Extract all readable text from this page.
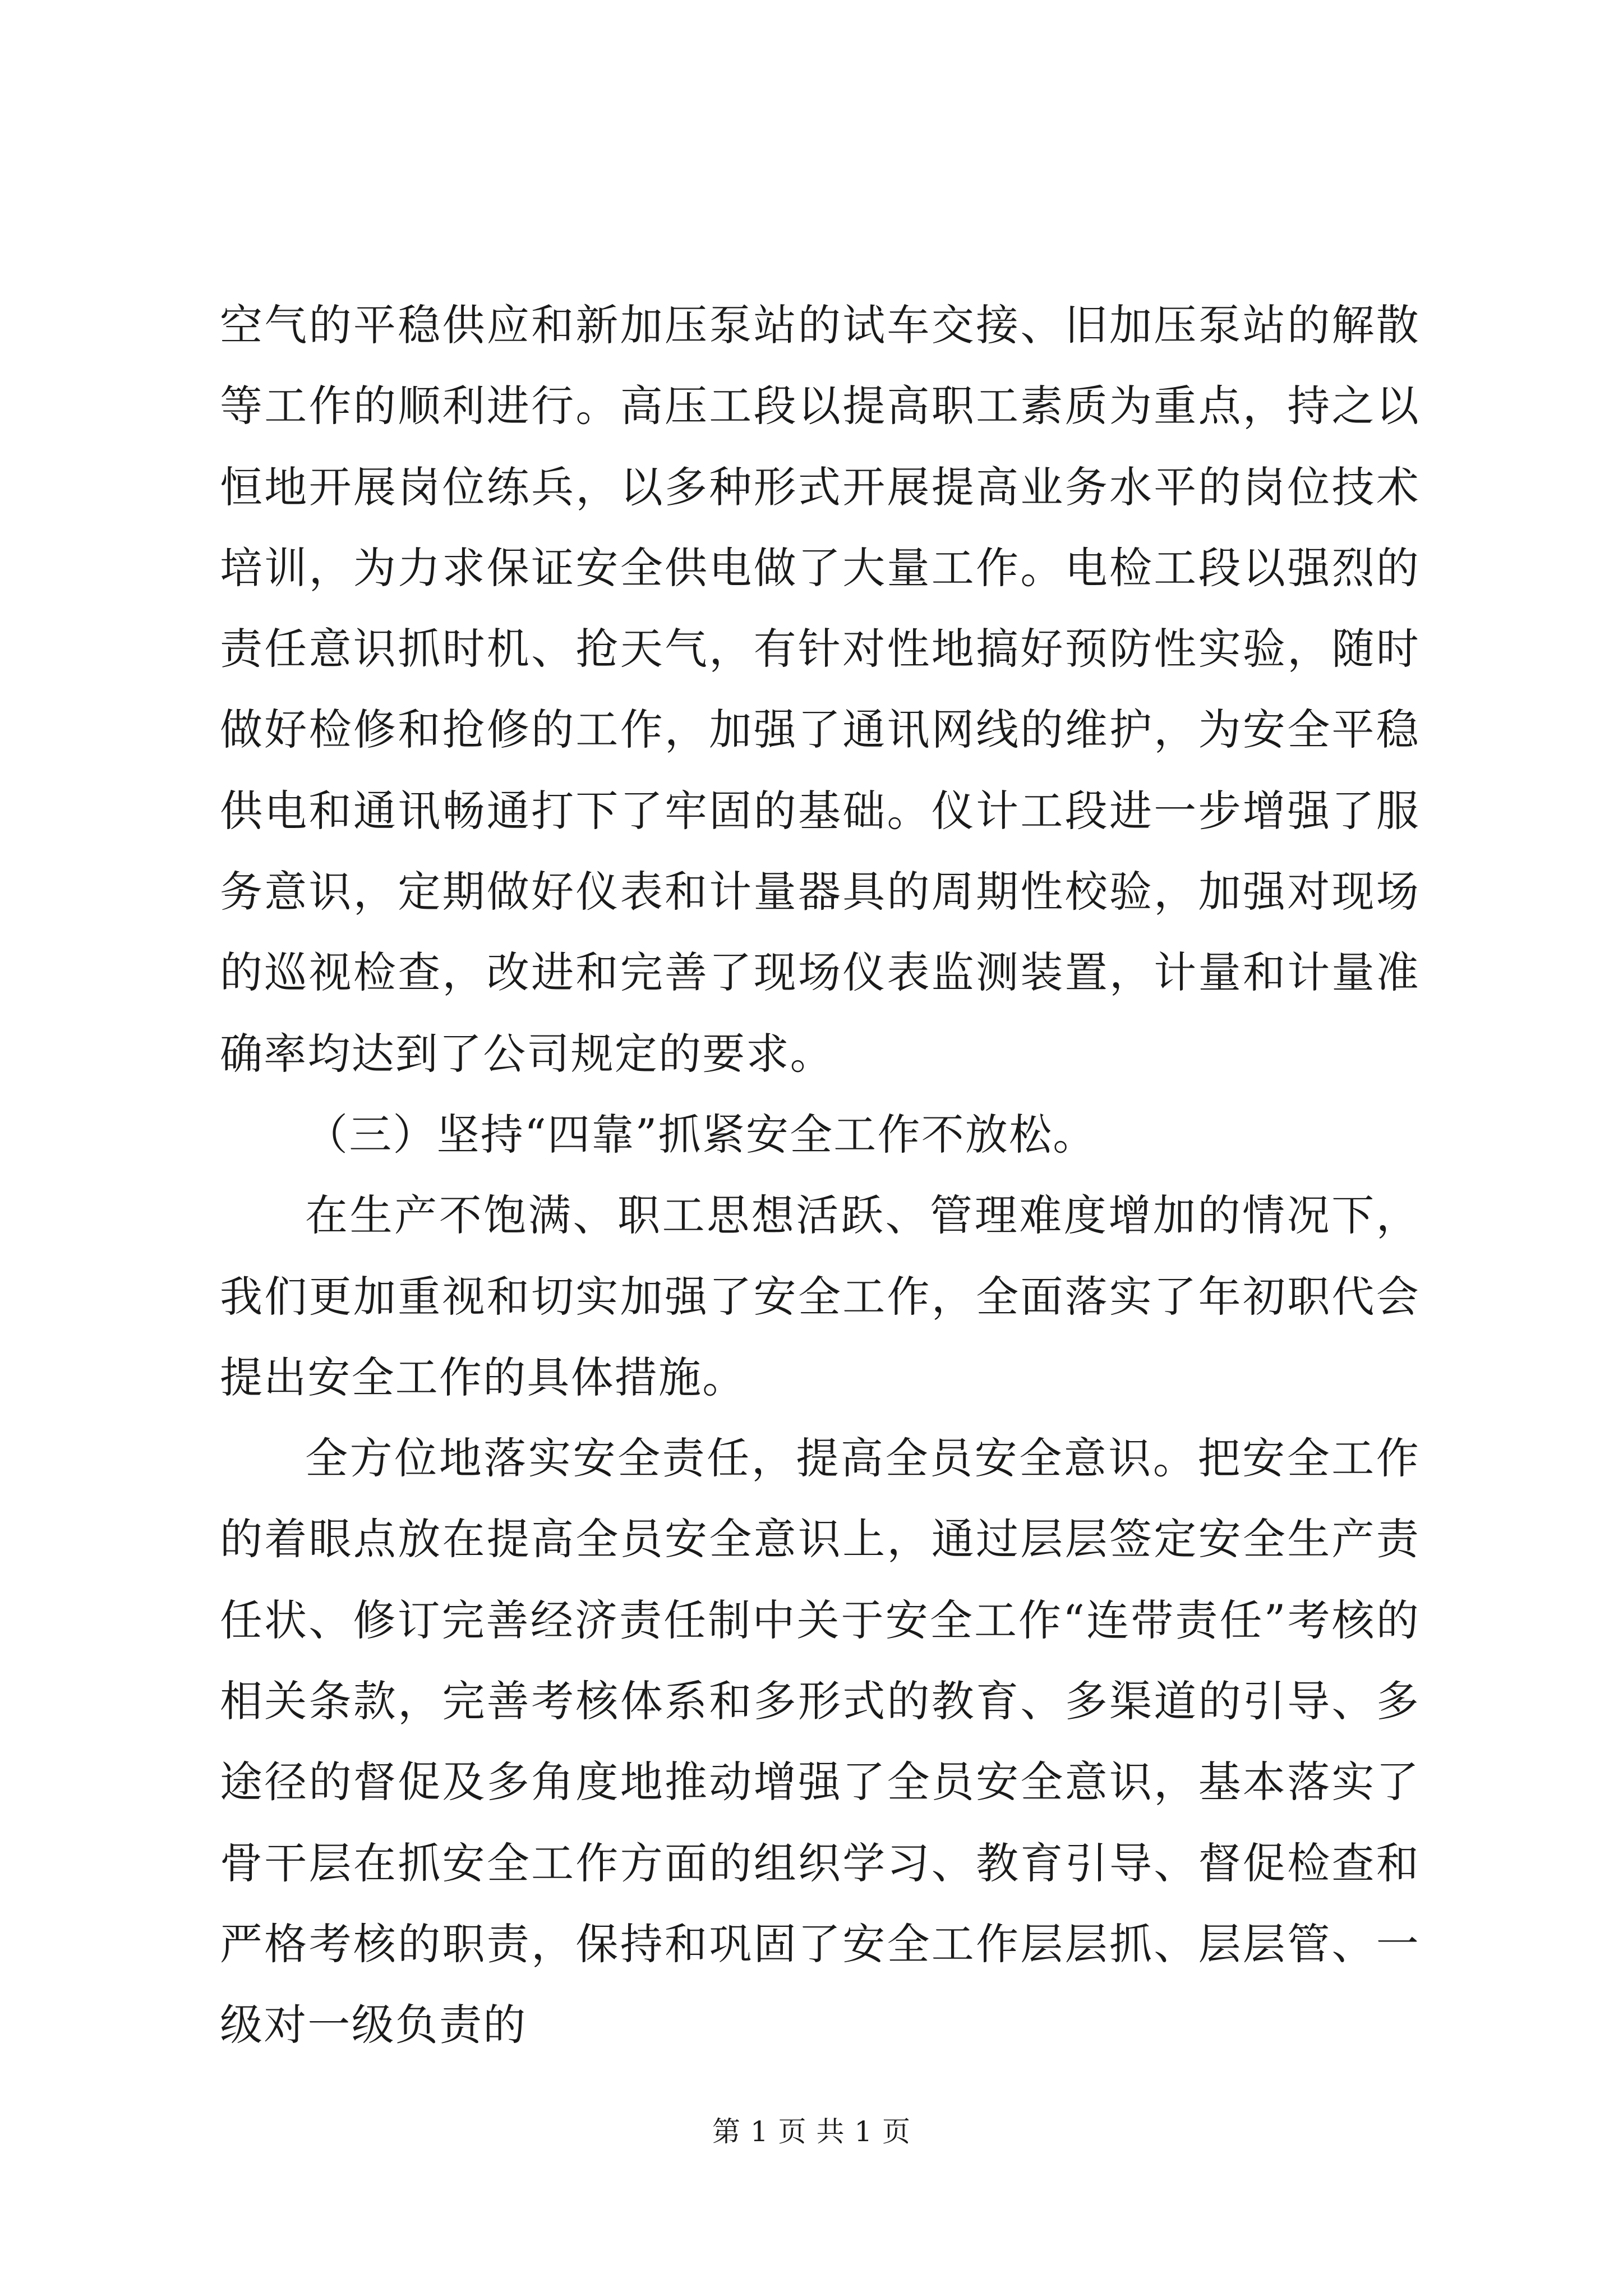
空气的平稳供应和新加压泵站的试车交接、旧加压泵站的解散等工作的顺利进行。高压工段以提高职工素质为重点，持之以恒地开展岗位练兵，以多种形式开展提高业务水平的岗位技术培训，为力求保证安全供电做了大量工作。电检工段以强烈的责任意识抓时机、抢天气，有针对性地搞好预防性实验，随时做好检修和抢修的工作，加强了通讯网线的维护，为安全平稳供电和通讯畅通打下了牢固的基础。仪计工段进一步增强了服务意识，定期做好仪表和计量器具的周期性校验，加强对现场的巡视检查，改进和完善了现场仪表监测装置，计量和计量准确率均达到了公司规定的要求。

（三）坚持“四靠”抓紧安全工作不放松。

在生产不饱满、职工思想活跃、管理难度增加的情况下，我们更加重视和切实加强了安全工作，全面落实了年初职代会提出安全工作的具体措施。

全方位地落实安全责任，提高全员安全意识。把安全工作的着眼点放在提高全员安全意识上，通过层层签定安全生产责任状、修订完善经济责任制中关于安全工作“连带责任”考核的相关条款，完善考核体系和多形式的教育、多渠道的引导、多途径的督促及多角度地推动增强了全员安全意识，基本落实了骨干层在抓安全工作方面的组织学习、教育引导、督促检查和严格考核的职责，保持和巩固了安全工作层层抓、层层管、一级对一级负责的

第 1 页 共 1 页
